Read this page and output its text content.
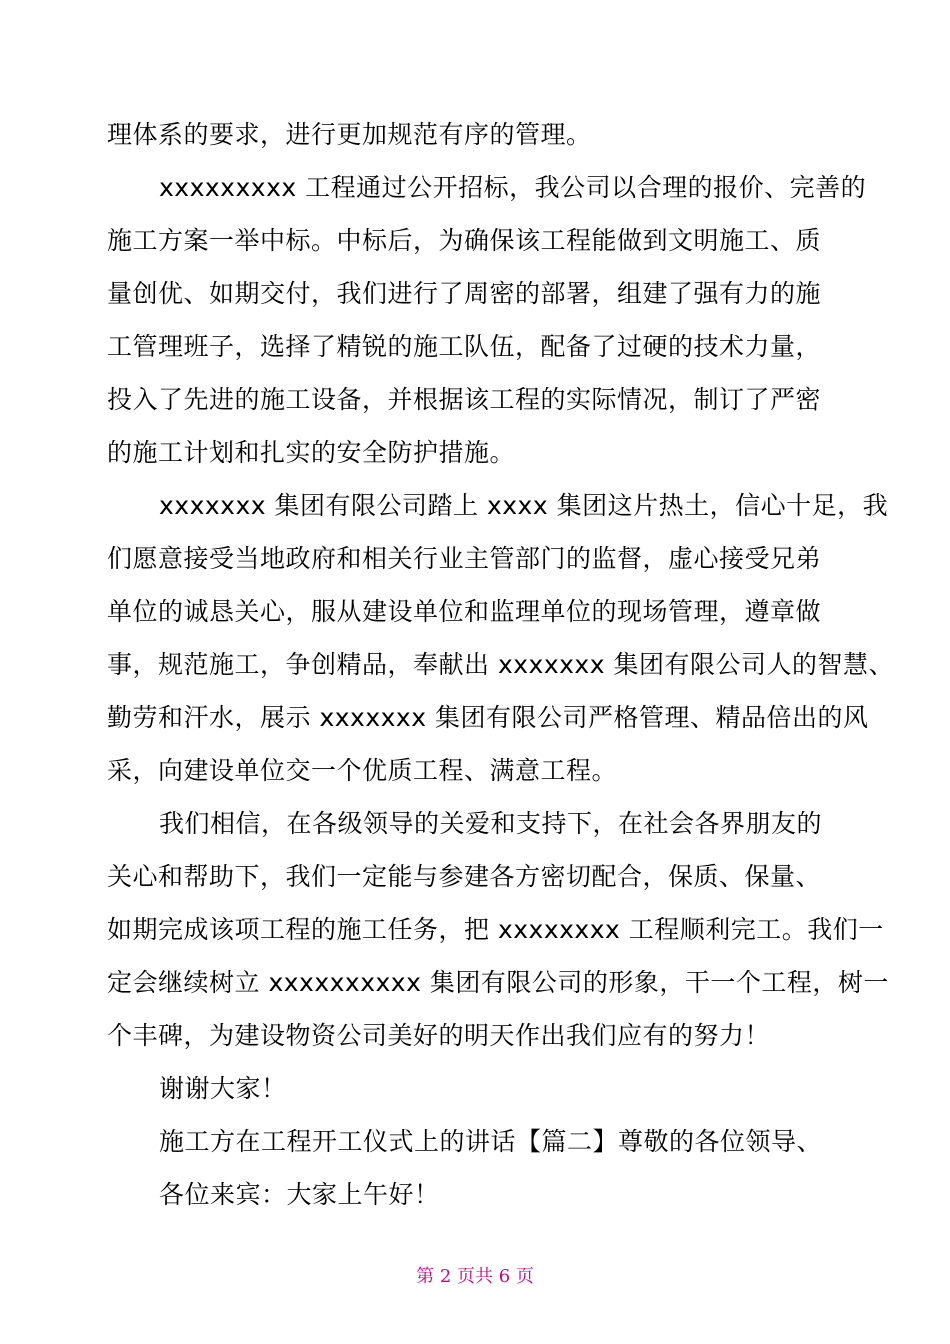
理体系的要求，进行更加规范有序的管理。
xxxxxxxxx 工程通过公开招标，我公司以合理的报价、完善的
施工方案一举中标。中标后，为确保该工程能做到文明施工、质
量创优、如期交付，我们进行了周密的部署，组建了强有力的施
工管理班子，选择了精锐的施工队伍，配备了过硬的技术力量，
投入了先进的施工设备，并根据该工程的实际情况，制订了严密
的施工计划和扎实的安全防护措施。
xxxxxxx 集团有限公司踏上 xxxx 集团这片热土，信心十足，我
们愿意接受当地政府和相关行业主管部门的监督，虚心接受兄弟
单位的诚恳关心，服从建设单位和监理单位的现场管理，遵章做
事，规范施工，争创精品，奉献出 xxxxxxx 集团有限公司人的智慧、
勤劳和汗水，展示 xxxxxxx 集团有限公司严格管理、精品倍出的风
采，向建设单位交一个优质工程、满意工程。
我们相信，在各级领导的关爱和支持下，在社会各界朋友的
关心和帮助下，我们一定能与参建各方密切配合，保质、保量、
如期完成该项工程的施工任务，把 xxxxxxxx 工程顺利完工。我们一
定会继续树立 xxxxxxxxxx 集团有限公司的形象，干一个工程，树一
个丰碑，为建设物资公司美好的明天作出我们应有的努力！
谢谢大家！
施工方在工程开工仪式上的讲话【篇二】尊敬的各位领导、
各位来宾：大家上午好！
第 2 页共 6 页
